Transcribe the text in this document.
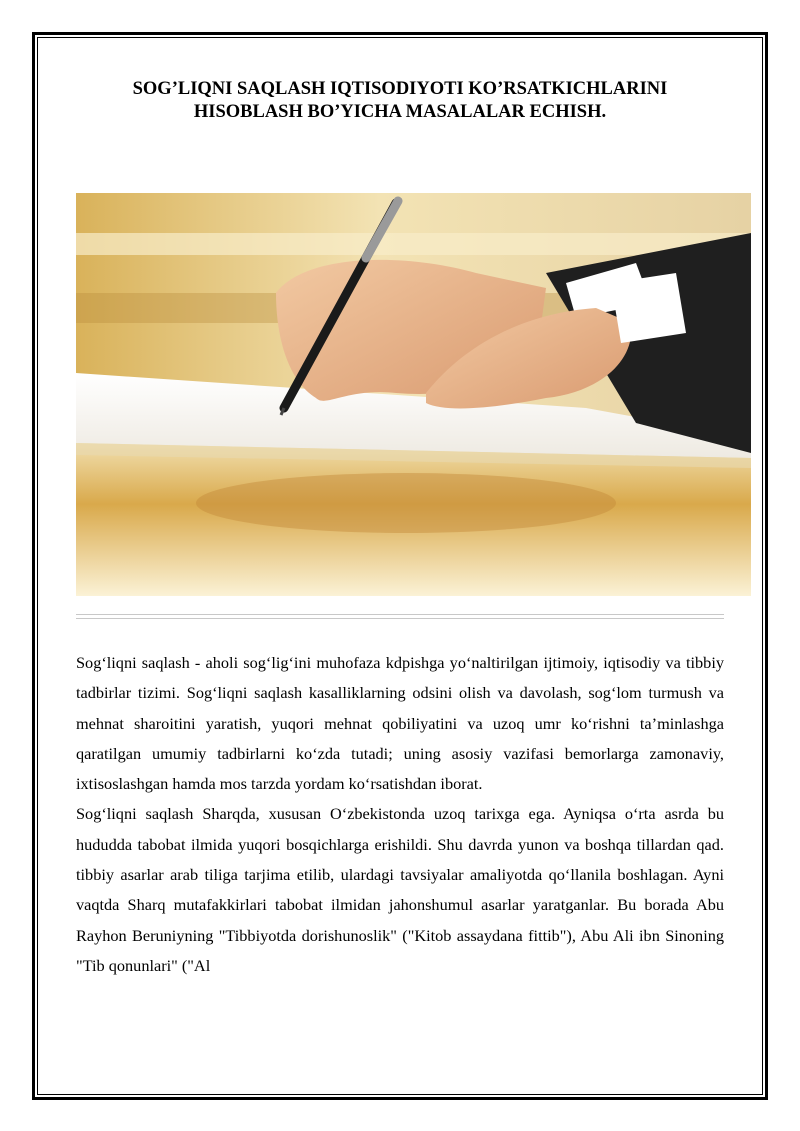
SOG’LIQNI SAQLASH IQTISODIYOTI KO’RSATKICHLARINI
HISOBLASH BO’YICHA MASALALAR ECHISH.

Sog‘liqni saqlash - aholi sog‘lig‘ini muhofaza kdpishga yo‘naltirilgan ijtimoiy, iqtisodiy va tibbiy tadbirlar tizimi. Sog‘liqni saqlash kasalliklarning odsini olish va davolash, sog‘lom turmush va mehnat sharoitini yaratish, yuqori mehnat qobiliyatini va uzoq umr ko‘rishni ta’minlashga qaratilgan umumiy tadbirlarni ko‘zda tutadi; uning asosiy vazifasi bemorlarga zamonaviy, ixtisoslashgan hamda mos tarzda yordam ko‘rsatishdan iborat.

Sog‘liqni saqlash Sharqda, xususan O‘zbekistonda uzoq tarixga ega. Ayniqsa o‘rta asrda bu hududda tabobat ilmida yuqori bosqichlarga erishildi. Shu davrda yunon va boshqa tillardan qad. tibbiy asarlar arab tiliga tarjima etilib, ulardagi tavsiyalar amaliyotda qo‘llanila boshlagan. Ayni vaqtda Sharq mutafakkirlari tabobat ilmidan jahonshumul asarlar yaratganlar. Bu borada Abu Rayhon Beruniyning "Tibbiyotda dorishunoslik" ("Kitob assaydana fittib"), Abu Ali ibn Sinoning "Tib qonunlari" ("Al
